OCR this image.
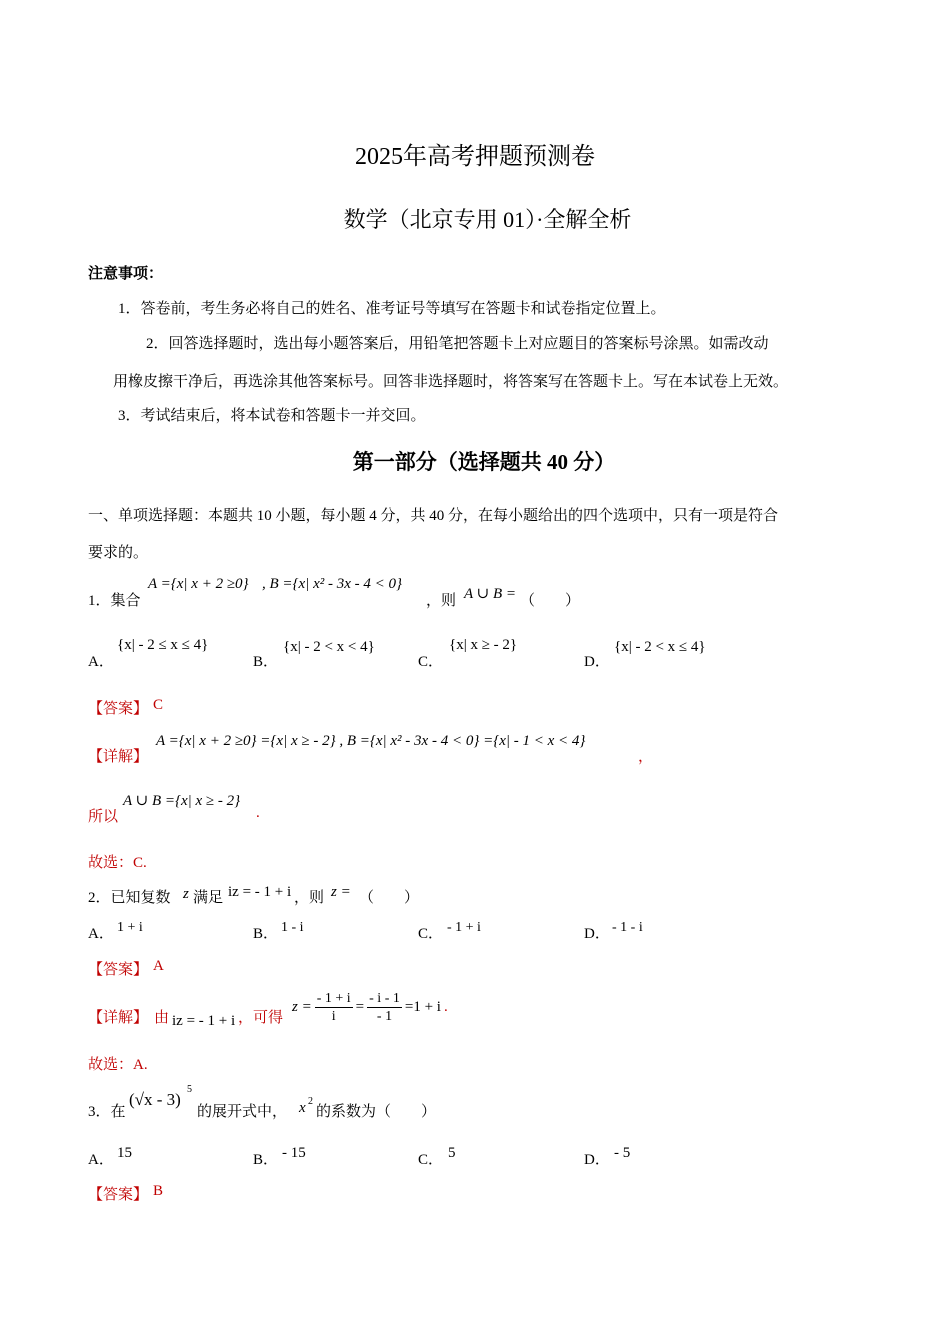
2025年高考押题预测卷
数学（北京专用 01）·全解全析
注意事项：
1．答卷前，考生务必将自己的姓名、准考证号等填写在答题卡和试卷指定位置上。
2．回答选择题时，选出每小题答案后，用铅笔把答题卡上对应题目的答案标号涂黑。如需改动
用橡皮擦干净后，再选涂其他答案标号。回答非选择题时，将答案写在答题卡上。写在本试卷上无效。
3．考试结束后，将本试卷和答题卡一并交回。
第一部分（选择题共 40 分）
一、单项选择题：本题共 10 小题，每小题 4 分，共 40 分，在每小题给出的四个选项中，只有一项是符合
要求的。
1．集合
A ={x| x + 2 ≥0} , B ={x| x² - 3x - 4 < 0}
，则 A ∪ B = （　　）
A．
{x| - 2 ≤ x ≤ 4}
B．
{x| - 2 < x < 4}
C．
{x| x ≥ - 2}
D．
{x| - 2 < x ≤ 4}
【答案】 C
【详解】
A ={x| x + 2 ≥0} ={x| x ≥ - 2} , B ={x| x² - 3x - 4 < 0} ={x| - 1 < x < 4}
，
所以
A ∪ B ={x| x ≥ - 2}
.
故选：C.
2．已知复数 z 满足 iz = - 1 + i ，则 z = （　　）
A． 1 + i	B． 1 - i	C． - 1 + i	D． - 1 - i
【答案】 A
【详解】 由 iz = - 1 + i ，可得
$z = \frac{- 1 + i}{i} = \frac{- i - 1}{- 1} =1 + i$ .
故选：A.
3．在
(√x - 3)
5
的展开式中， x 2
的系数为（　　）
A． 15	B． - 15	C． 5	D． - 5
【答案】 B
